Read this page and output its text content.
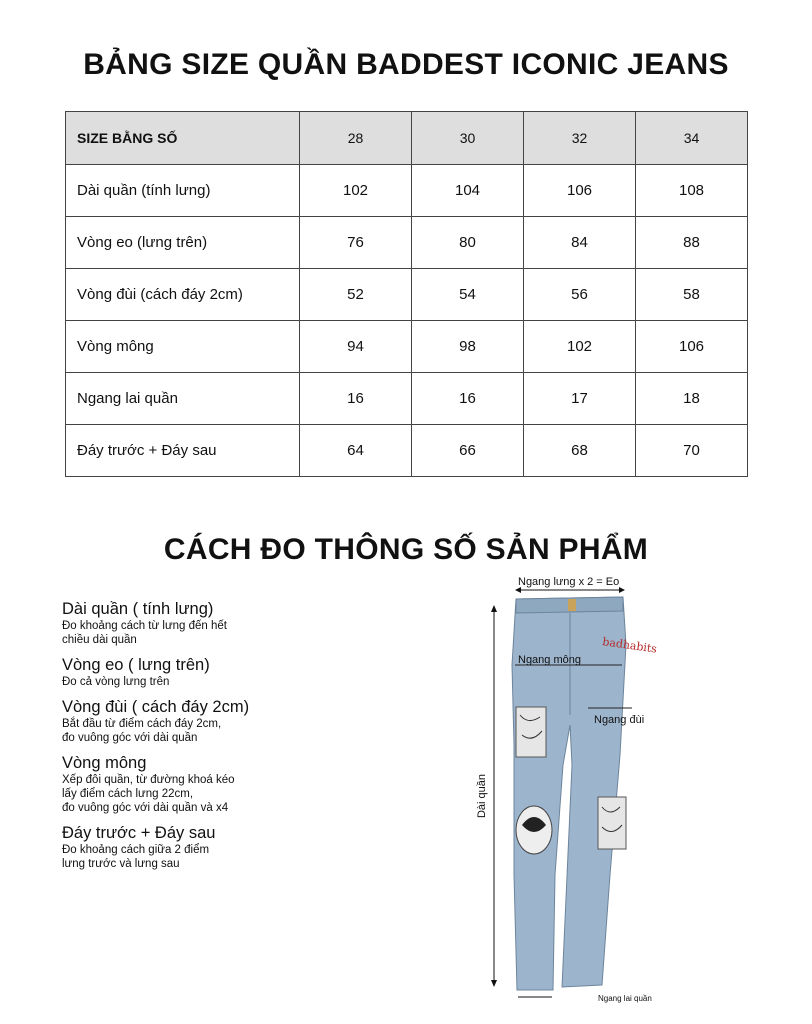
BẢNG SIZE QUẦN BADDEST ICONIC JEANS
SIZE BẰNG SỐ	28	30	32	34
Dài quần (tính lưng)	102	104	106	108
Vòng eo (lưng trên)	76	80	84	88
Vòng đùi (cách đáy 2cm)	52	54	56	58
Vòng mông	94	98	102	106
Ngang lai quần	16	16	17	18
Đáy trước + Đáy sau	64	66	68	70
CÁCH ĐO THÔNG SỐ SẢN PHẨM
Dài quần ( tính lưng)
Đo khoảng cách từ lưng đến hết
chiều dài quần
Vòng eo ( lưng trên)
Đo cả vòng lưng trên
Vòng đùi ( cách đáy 2cm)
Bắt đầu từ điểm cách đáy 2cm,
đo vuông góc với dài quần
Vòng mông
Xếp đôi quần, từ đường khoá kéo
lấy điểm cách lưng 22cm,
đo vuông góc với dài quần và x4
Đáy trước + Đáy sau
Đo khoảng cách giữa 2 điểm
lưng trước và lưng sau
badhabits
Ngang lưng x 2 = Eo
Ngang mông
Ngang đùi
Dài quần
Ngang lai quần
